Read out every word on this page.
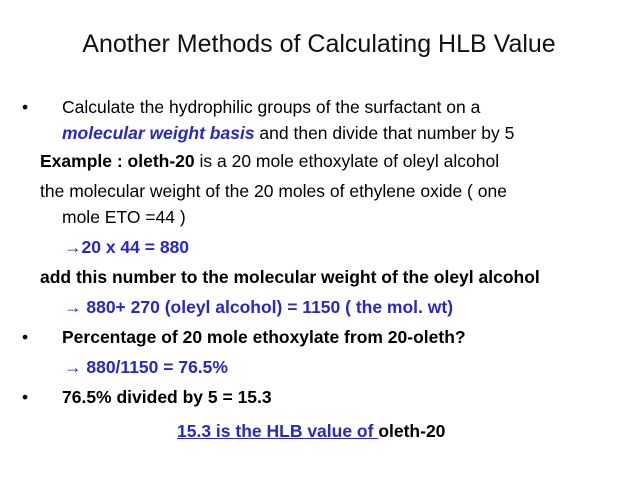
Another Methods of Calculating HLB Value
• Calculate the hydrophilic groups of the surfactant on a
molecular weight basis and then divide that number by 5
Example : oleth-20 is a 20 mole ethoxylate of oleyl alcohol
the molecular weight of the 20 moles of ethylene oxide ( one
mole ETO =44 )
→20 x 44 = 880
add this number to the molecular weight of the oleyl alcohol
→ 880+ 270 (oleyl alcohol) = 1150 ( the mol. wt)
• Percentage of 20 mole ethoxylate from 20-oleth?
→ 880/1150 = 76.5%
• 76.5% divided by 5 = 15.3
15.3 is the HLB value of oleth-20
